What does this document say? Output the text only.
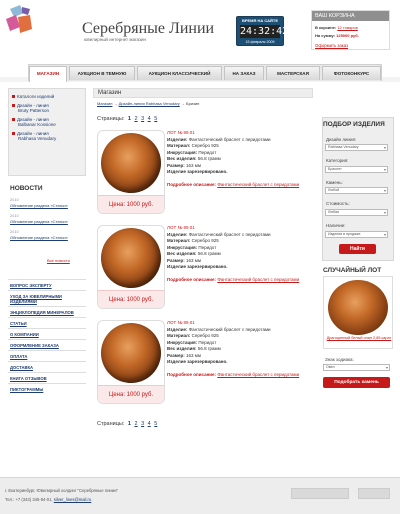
Серебряные Линии
ювелирный интернет магазин
ВРЕМЯ НА САЙТЕ
24:32:42
15 февраля 2009
ВАШ КОРЗИНА
В корзине: 12 товаров
На сумму: 125000 руб.
Оформить заказ
МАГАЗИН	АУКЦИОН В ТЕМНУЮ	АУКЦИОН КЛАССИЧЕСКИЙ	НА ЗАКАЗ	МАСТЕРСКАЯ	ФОТОКОНКУРС
Каталоги изделий
Дизайн - линия
Bruty Patterson
Дизайн - линия
Balbanar Kossione
Дизайн - линия
Rabhasa Venudary
НОВОСТИ
24.10
Обновление раздела «Статьи»
24.10
Обновление раздела «Статьи»
24.10
Обновление раздела «Статьи»
Все новости
ВОПРОС ЭКСПЕРТУ
УХОД ЗА ЮВЕЛИРНЫМИ
ИЗДЕЛИЯМИ
ЭНЦИКЛОПЕДИЯ МИНЕРАЛОВ
СТАТЬИ
О КОМПАНИИ
ОФОРМЛЕНИЕ ЗАКАЗА
ОПЛАТА
ДОСТАВКА
КНИГА ОТЗЫВОВ
ПИКТОГРАММЫ
Магазин
Магазин → Дизайн-линия Rabhasa Venudary → Бризин
Страницы: 1 2 3 4 5
Цена: 1000 руб.
ЛОТ № 89.01
Изделие: Фантастический браслет с перидотами
Материал: Серебро 925
Инкрустация: Перидот
Вес изделия: 56.8 грамм
Размер: 163 мм
Изделие зарезервировано.
Подробное описание: Фантастический браслет с перидотами
Цена: 1000 руб.
ЛОТ № 89.01
Изделие: Фантастический браслет с перидотами
Материал: Серебро 925
Инкрустация: Перидот
Вес изделия: 56.8 грамм
Размер: 163 мм
Изделие зарезервировано.
Подробное описание: Фантастический браслет с перидотами
Цена: 1000 руб.
ЛОТ № 89.01
Изделие: Фантастический браслет с перидотами
Материал: Серебро 925
Инкрустация: Перидот
Вес изделия: 56.8 грамм
Размер: 163 мм
Изделие зарезервировано.
Подробное описание: Фантастический браслет с перидотами
Страницы: 1 2 3 4 5
ПОДБОР ИЗДЕЛИЯ
Дизайн линия:
Rabhasa Venudary	▾
Категория:
Браслет	▾
Камень:
Любой	▾
Стоимость:
Любая	▾
Наличие:
Изделия в продаже	▾
Найти
СЛУЧАЙНЫЙ ЛОТ
Драгоценный белый опал 2,85 карат
Знак зодиака:
Овен	▾
Подобрать камень
г. Екатеринбург, Ювелирный холдинг "Серебряные линии"
Тел.: +7 (343) 345-84-01, silver_lines@mail.ru
